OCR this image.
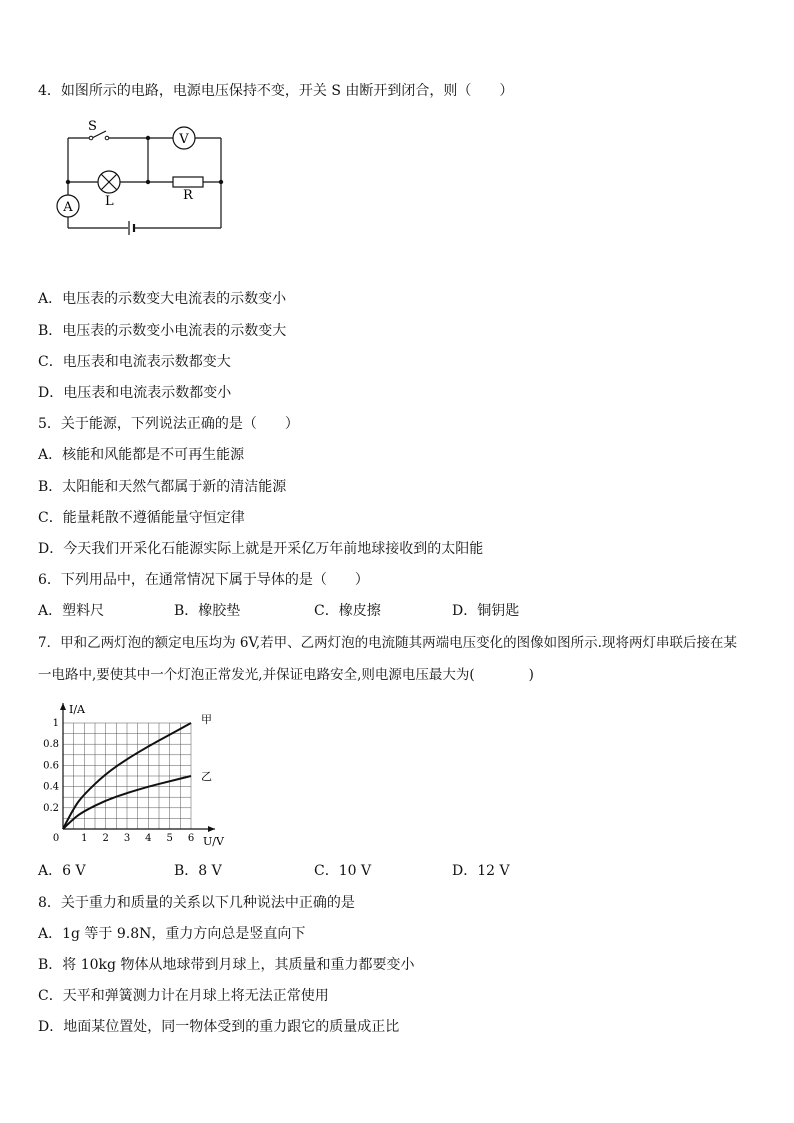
4．如图所示的电路，电源电压保持不变，开关 S 由断开到闭合，则（　　）
V
A
S
L	R
A．电压表的示数变大电流表的示数变小
B．电压表的示数变小电流表的示数变大
C．电压表和电流表示数都变大
D．电压表和电流表示数都变小
5．关于能源，下列说法正确的是（　　）
A．核能和风能都是不可再生能源
B．太阳能和天然气都属于新的清洁能源
C．能量耗散不遵循能量守恒定律
D．今天我们开采化石能源实际上就是开采亿万年前地球接收到的太阳能
6．下列用品中，在通常情况下属于导体的是（　　）
A．塑料尺	B．橡胶垫	C．橡皮擦	D．铜钥匙
7．甲和乙两灯泡的额定电压均为 6V,若甲、乙两灯泡的电流随其两端电压变化的图像如图所示.现将两灯串联后接在某
一电路中,要使其中一个灯泡正常发光,并保证电路安全,则电源电压最大为(　　　　)
0 1 2 3 4 5 6
0.2
0.4
0.6
0.8
1
I/A
U/V
甲
乙
A．6 V	B．8 V	C．10 V	D．12 V
8．关于重力和质量的关系以下几种说法中正确的是
A．1g 等于 9.8N，重力方向总是竖直向下
B．将 10kg 物体从地球带到月球上，其质量和重力都要变小
C．天平和弹簧测力计在月球上将无法正常使用
D．地面某位置处，同一物体受到的重力跟它的质量成正比
